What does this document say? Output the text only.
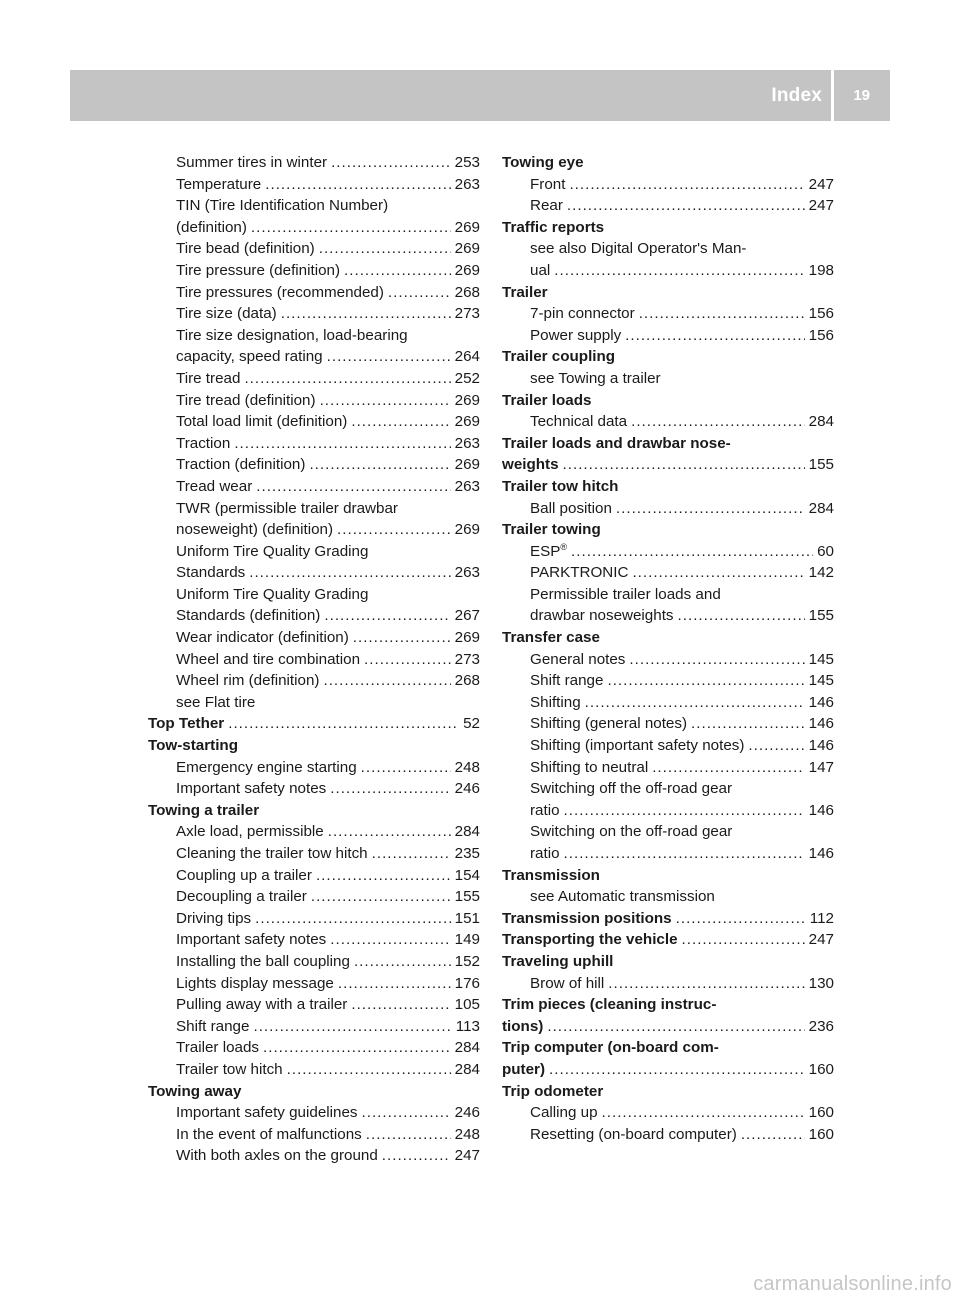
Index 19
Summer tires in winter .....	253
Temperature .....	263
TIN (Tire Identification Number)
(definition) .....	269
Tire bead (definition) .....	269
Tire pressure (definition) .....	269
Tire pressures (recommended) .....	268
Tire size (data) .....	273
Tire size designation, load-bearing
capacity, speed rating .....	264
Tire tread .....	252
Tire tread (definition) .....	269
Total load limit (definition) .....	269
Traction .....	263
Traction (definition) .....	269
Tread wear .....	263
TWR (permissible trailer drawbar
noseweight) (definition) .....	269
Uniform Tire Quality Grading
Standards .....	263
Uniform Tire Quality Grading
Standards (definition) .....	267
Wear indicator (definition) .....	269
Wheel and tire combination .....	273
Wheel rim (definition) .....	268
see Flat tire
Top Tether .....	52
Tow-starting
Emergency engine starting .....	248
Important safety notes .....	246
Towing a trailer
Axle load, permissible .....	284
Cleaning the trailer tow hitch .....	235
Coupling up a trailer .....	154
Decoupling a trailer .....	155
Driving tips .....	151
Important safety notes .....	149
Installing the ball coupling .....	152
Lights display message .....	176
Pulling away with a trailer .....	105
Shift range .....	113
Trailer loads .....	284
Trailer tow hitch .....	284
Towing away
Important safety guidelines .....	246
In the event of malfunctions .....	248
With both axles on the ground .....	247
Towing eye
Front .....	247
Rear .....	247
Traffic reports
see also Digital Operator's Man-
ual .....	198
Trailer
7-pin connector .....	156
Power supply .....	156
Trailer coupling
see Towing a trailer
Trailer loads
Technical data .....	284
Trailer loads and drawbar nose-
weights .....	155
Trailer tow hitch
Ball position .....	284
Trailer towing
ESP® .....	60
PARKTRONIC .....	142
Permissible trailer loads and
drawbar noseweights .....	155
Transfer case
General notes .....	145
Shift range .....	145
Shifting .....	146
Shifting (general notes) .....	146
Shifting (important safety notes) .....	146
Shifting to neutral .....	147
Switching off the off-road gear
ratio .....	146
Switching on the off-road gear
ratio .....	146
Transmission
see Automatic transmission
Transmission positions .....	112
Transporting the vehicle .....	247
Traveling uphill
Brow of hill .....	130
Trim pieces (cleaning instruc-
tions) .....	236
Trip computer (on-board com-
puter) .....	160
Trip odometer
Calling up .....	160
Resetting (on-board computer) .....	160
carmanualsonline.info
